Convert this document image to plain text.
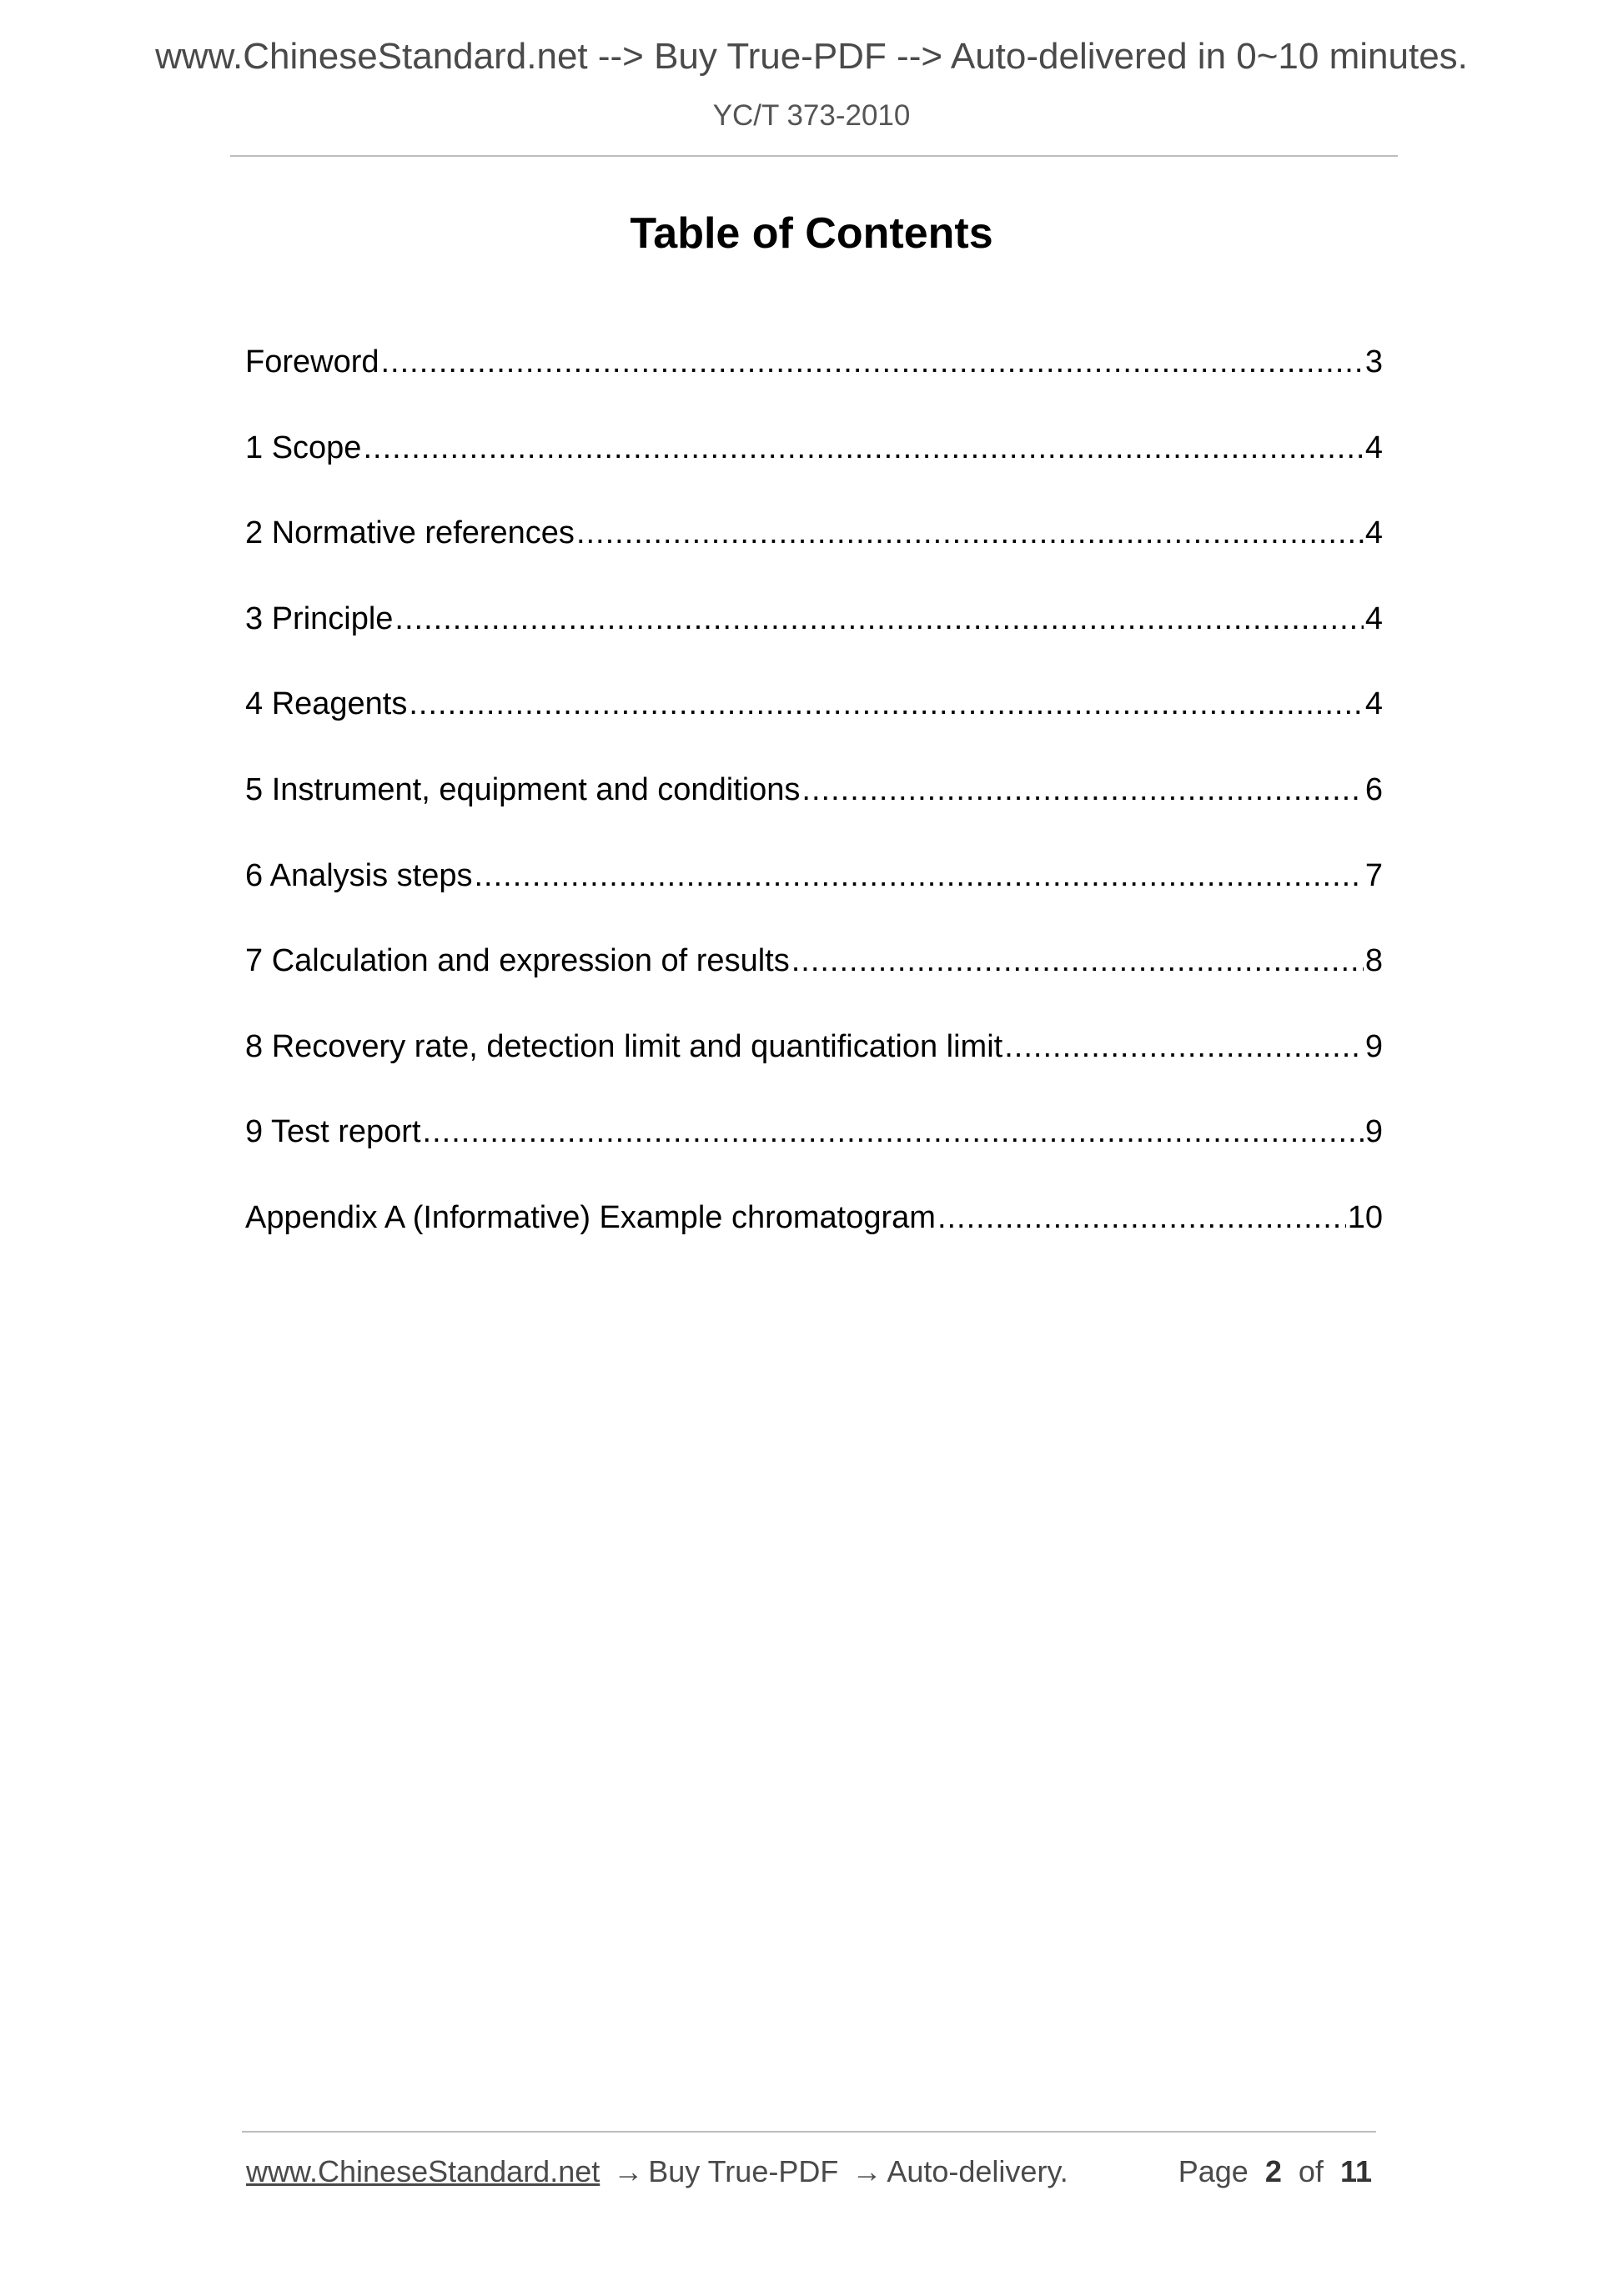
www.ChineseStandard.net --> Buy True-PDF --> Auto-delivered in 0~10 minutes.
YC/T 373-2010
Table of Contents
Foreword .....	3
1 Scope .....	4
2 Normative references .....	4
3 Principle .....	4
4 Reagents .....	4
5 Instrument, equipment and conditions .....	6
6 Analysis steps .....	7
7 Calculation and expression of results .....	8
8 Recovery rate, detection limit and quantification limit .....	9
9 Test report .....	9
Appendix A (Informative) Example chromatogram .....	10
www.ChineseStandard.net → Buy True-PDF → Auto-delivery.	Page 2 of 11
